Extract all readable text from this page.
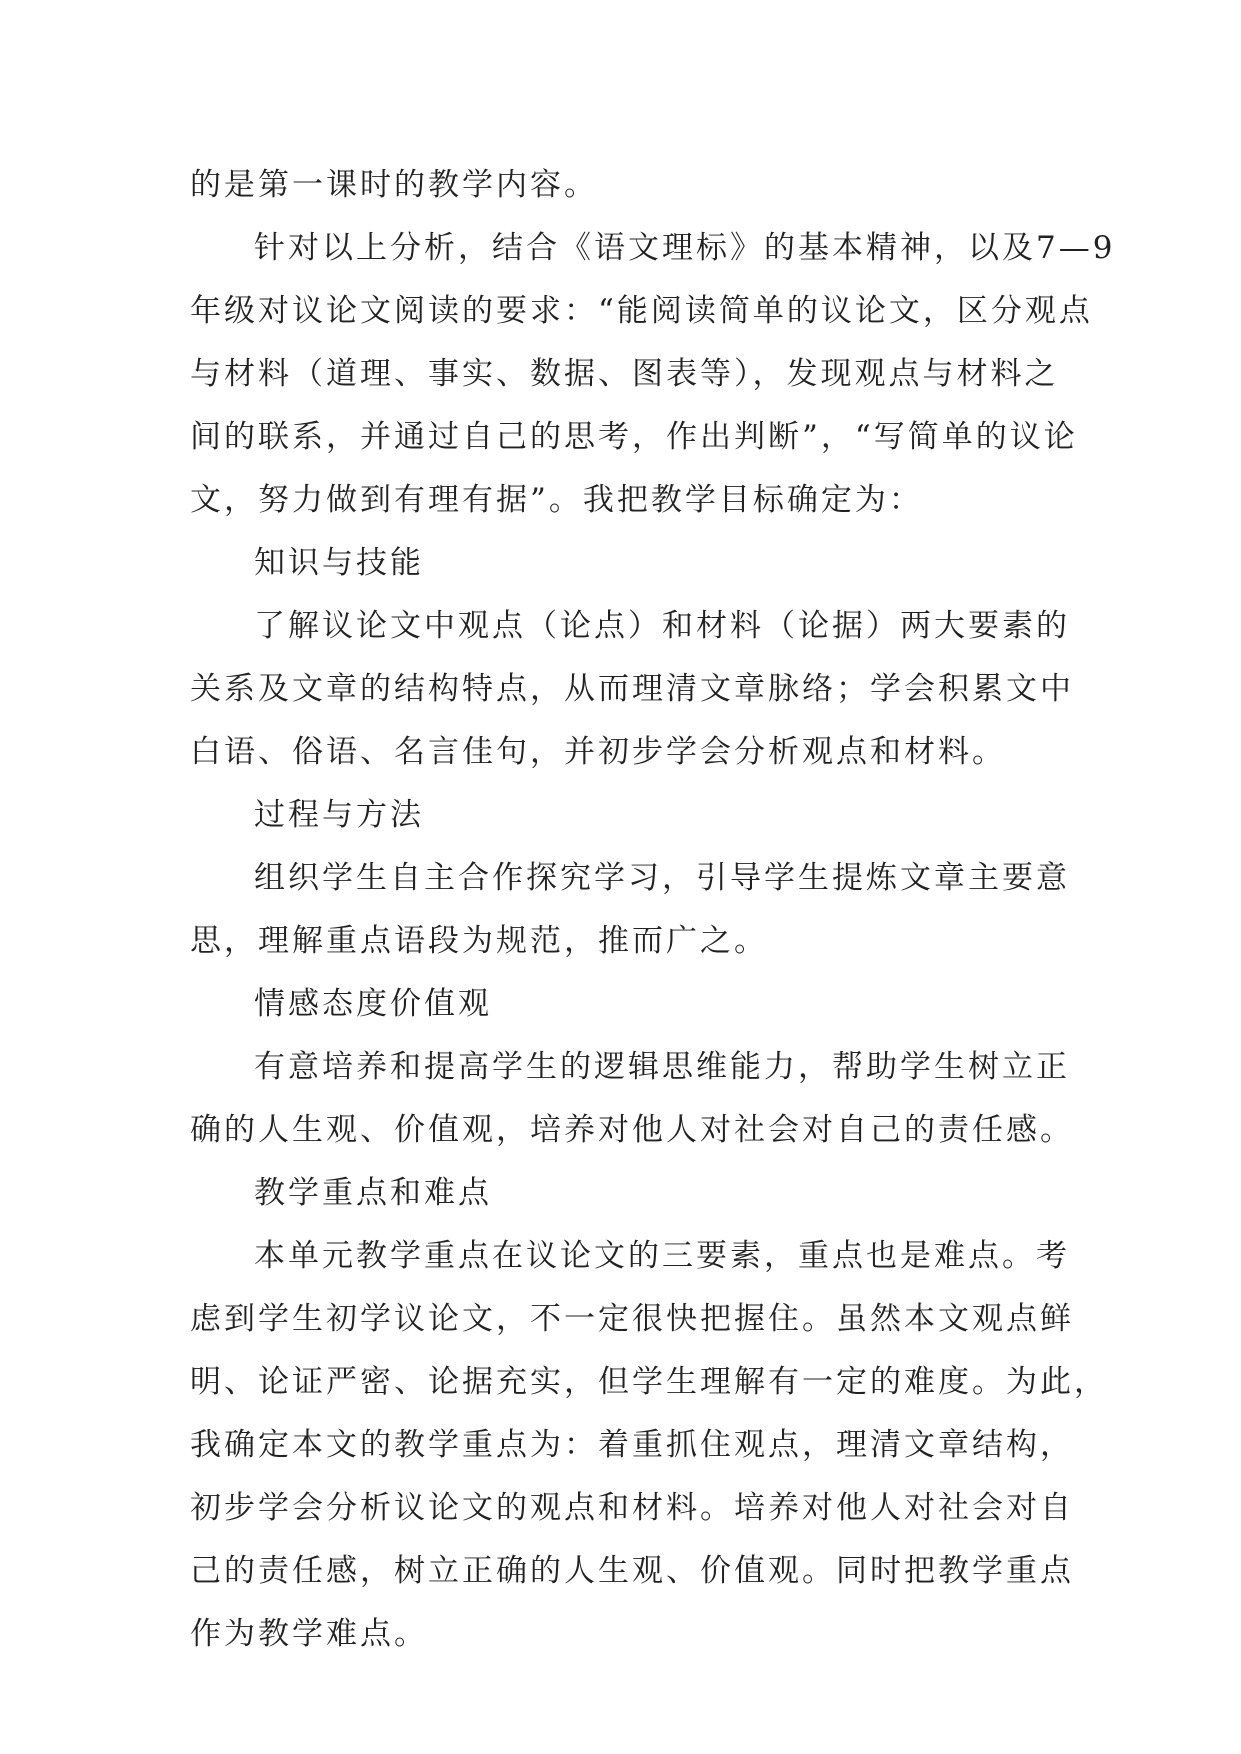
的是第一课时的教学内容。

针对以上分析，结合《语文理标》的基本精神，以及7—9

年级对议论文阅读的要求：“能阅读简单的议论文，区分观点

与材料（道理、事实、数据、图表等），发现观点与材料之

间的联系，并通过自己的思考，作出判断”，“写简单的议论

文，努力做到有理有据”。我把教学目标确定为：

知识与技能

了解议论文中观点（论点）和材料（论据）两大要素的

关系及文章的结构特点，从而理清文章脉络；学会积累文中

白语、俗语、名言佳句，并初步学会分析观点和材料。

过程与方法

组织学生自主合作探究学习，引导学生提炼文章主要意

思，理解重点语段为规范，推而广之。

情感态度价值观

有意培养和提高学生的逻辑思维能力，帮助学生树立正

确的人生观、价值观，培养对他人对社会对自己的责任感。

教学重点和难点

本单元教学重点在议论文的三要素，重点也是难点。考

虑到学生初学议论文，不一定很快把握住。虽然本文观点鲜

明、论证严密、论据充实，但学生理解有一定的难度。为此，

我确定本文的教学重点为：着重抓住观点，理清文章结构，

初步学会分析议论文的观点和材料。培养对他人对社会对自

己的责任感，树立正确的人生观、价值观。同时把教学重点

作为教学难点。
